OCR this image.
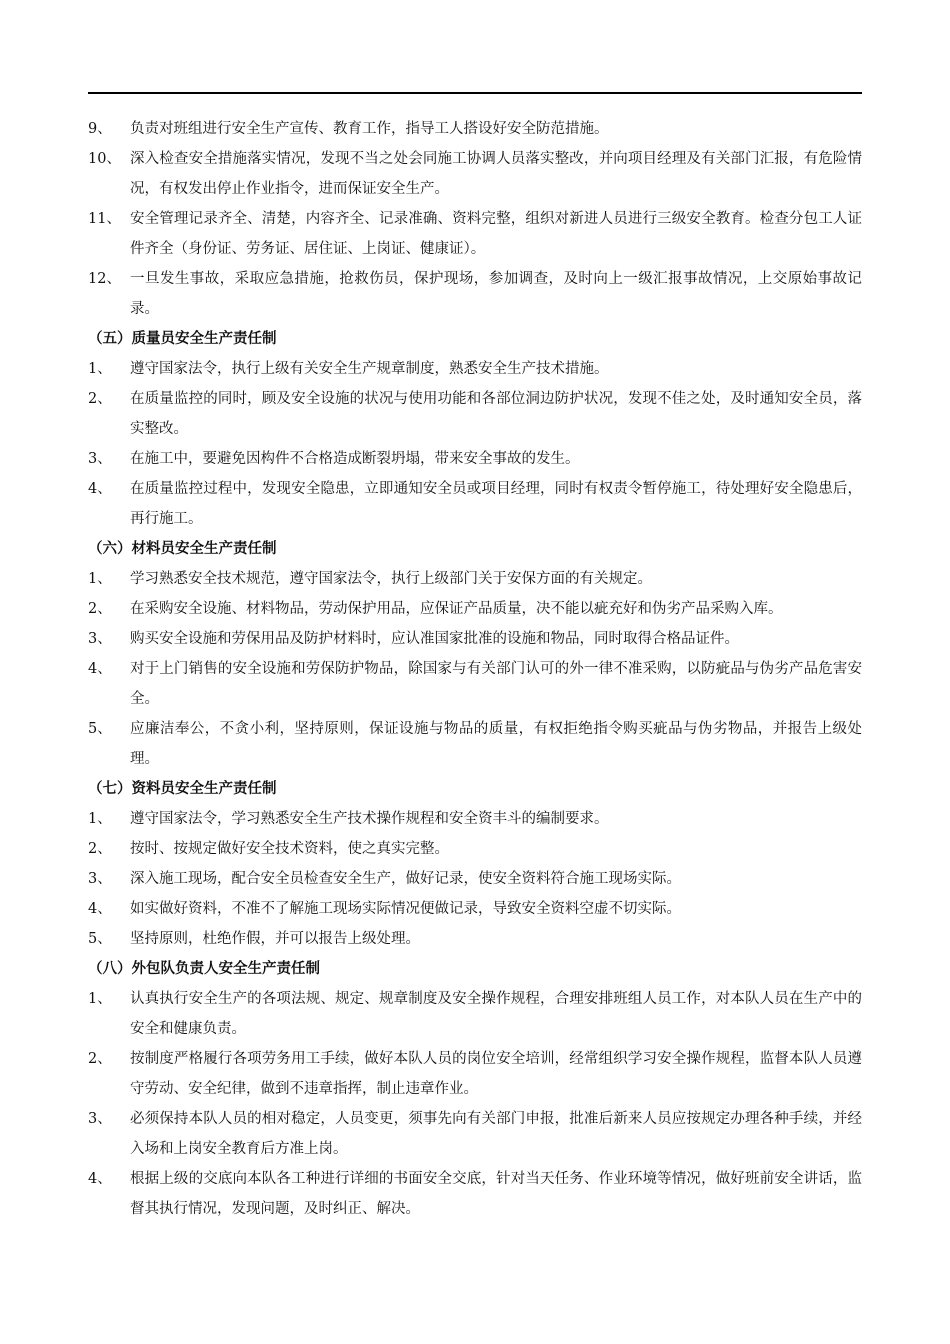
9、	负责对班组进行安全生产宣传、教育工作，指导工人搭设好安全防范措施。
10、 深入检查安全措施落实情况，发现不当之处会同施工协调人员落实整改，并向项目经理及有关部门汇报，有危险情况，有权发出停止作业指令，进而保证安全生产。
11、 安全管理记录齐全、清楚，内容齐全、记录准确、资料完整，组织对新进人员进行三级安全教育。检查分包工人证件齐全（身份证、劳务证、居住证、上岗证、健康证）。
12、 一旦发生事故，采取应急措施，抢救伤员，保护现场，参加调查，及时向上一级汇报事故情况，上交原始事故记录。
（五）质量员安全生产责任制
1、	遵守国家法令，执行上级有关安全生产规章制度，熟悉安全生产技术措施。
2、	在质量监控的同时，顾及安全设施的状况与使用功能和各部位洞边防护状况，发现不佳之处，及时通知安全员，落实整改。
3、	在施工中，要避免因构件不合格造成断裂坍塌，带来安全事故的发生。
4、	在质量监控过程中，发现安全隐患，立即通知安全员或项目经理，同时有权责令暂停施工，待处理好安全隐患后，再行施工。
（六）材料员安全生产责任制
1、	学习熟悉安全技术规范，遵守国家法令，执行上级部门关于安保方面的有关规定。
2、	在采购安全设施、材料物品，劳动保护用品，应保证产品质量，决不能以疵充好和伪劣产品采购入库。
3、	购买安全设施和劳保用品及防护材料时，应认准国家批准的设施和物品，同时取得合格品证件。
4、	对于上门销售的安全设施和劳保防护物品，除国家与有关部门认可的外一律不准采购，以防疵品与伪劣产品危害安全。
5、	应廉洁奉公，不贪小利，坚持原则，保证设施与物品的质量，有权拒绝指令购买疵品与伪劣物品，并报告上级处理。
（七）资料员安全生产责任制
1、	遵守国家法令，学习熟悉安全生产技术操作规程和安全资丰斗的编制要求。
2、	按时、按规定做好安全技术资料，使之真实完整。
3、	深入施工现场，配合安全员检查安全生产，做好记录，使安全资料符合施工现场实际。
4、	如实做好资料，不准不了解施工现场实际情况便做记录，导致安全资料空虚不切实际。
5、	坚持原则，杜绝作假，并可以报告上级处理。
（八）外包队负责人安全生产责任制
1、	认真执行安全生产的各项法规、规定、规章制度及安全操作规程，合理安排班组人员工作，对本队人员在生产中的安全和健康负责。
2、	按制度严格履行各项劳务用工手续，做好本队人员的岗位安全培训，经常组织学习安全操作规程，监督本队人员遵守劳动、安全纪律，做到不违章指挥，制止违章作业。
3、	必须保持本队人员的相对稳定，人员变更，须事先向有关部门申报，批准后新来人员应按规定办理各种手续，并经入场和上岗安全教育后方准上岗。
4、	根据上级的交底向本队各工种进行详细的书面安全交底，针对当天任务、作业环境等情况，做好班前安全讲话，监督其执行情况，发现问题，及时纠正、解决。
